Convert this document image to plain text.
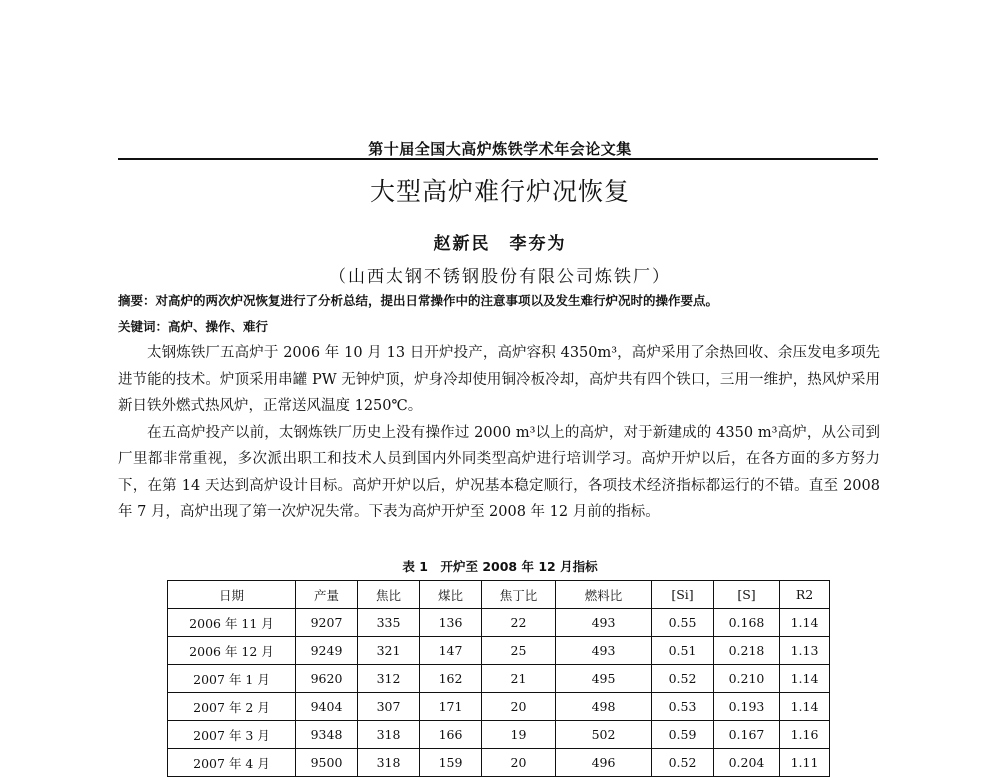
第十届全国大高炉炼铁学术年会论文集
大型高炉难行炉况恢复
赵新民　李夯为
（山西太钢不锈钢股份有限公司炼铁厂）
摘要：对高炉的两次炉况恢复进行了分析总结，提出日常操作中的注意事项以及发生难行炉况时的操作要点。
关键词：高炉、操作、难行

太钢炼铁厂五高炉于 2006 年 10 月 13 日开炉投产，高炉容积 4350m³，高炉采用了余热回收、余压发电多项先进节能的技术。炉顶采用串罐 PW 无钟炉顶，炉身冷却使用铜冷板冷却，高炉共有四个铁口，三用一维护，热风炉采用新日铁外燃式热风炉，正常送风温度 1250℃。

在五高炉投产以前，太钢炼铁厂历史上没有操作过 2000 m³以上的高炉，对于新建成的 4350 m³高炉，从公司到厂里都非常重视，多次派出职工和技术人员到国内外同类型高炉进行培训学习。高炉开炉以后，在各方面的多方努力下，在第 14 天达到高炉设计目标。高炉开炉以后，炉况基本稳定顺行，各项技术经济指标都运行的不错。直至 2008 年 7 月，高炉出现了第一次炉况失常。下表为高炉开炉至 2008 年 12 月前的指标。

表 1　开炉至 2008 年 12 月指标
日期	产量	焦比	煤比	焦丁比	燃料比	[Si]	[S]	R2
2006 年 11 月	9207	335	136	22	493	0.55	0.168	1.14
2006 年 12 月	9249	321	147	25	493	0.51	0.218	1.13
2007 年 1 月	9620	312	162	21	495	0.52	0.210	1.14
2007 年 2 月	9404	307	171	20	498	0.53	0.193	1.14
2007 年 3 月	9348	318	166	19	502	0.59	0.167	1.16
2007 年 4 月	9500	318	159	20	496	0.52	0.204	1.11
